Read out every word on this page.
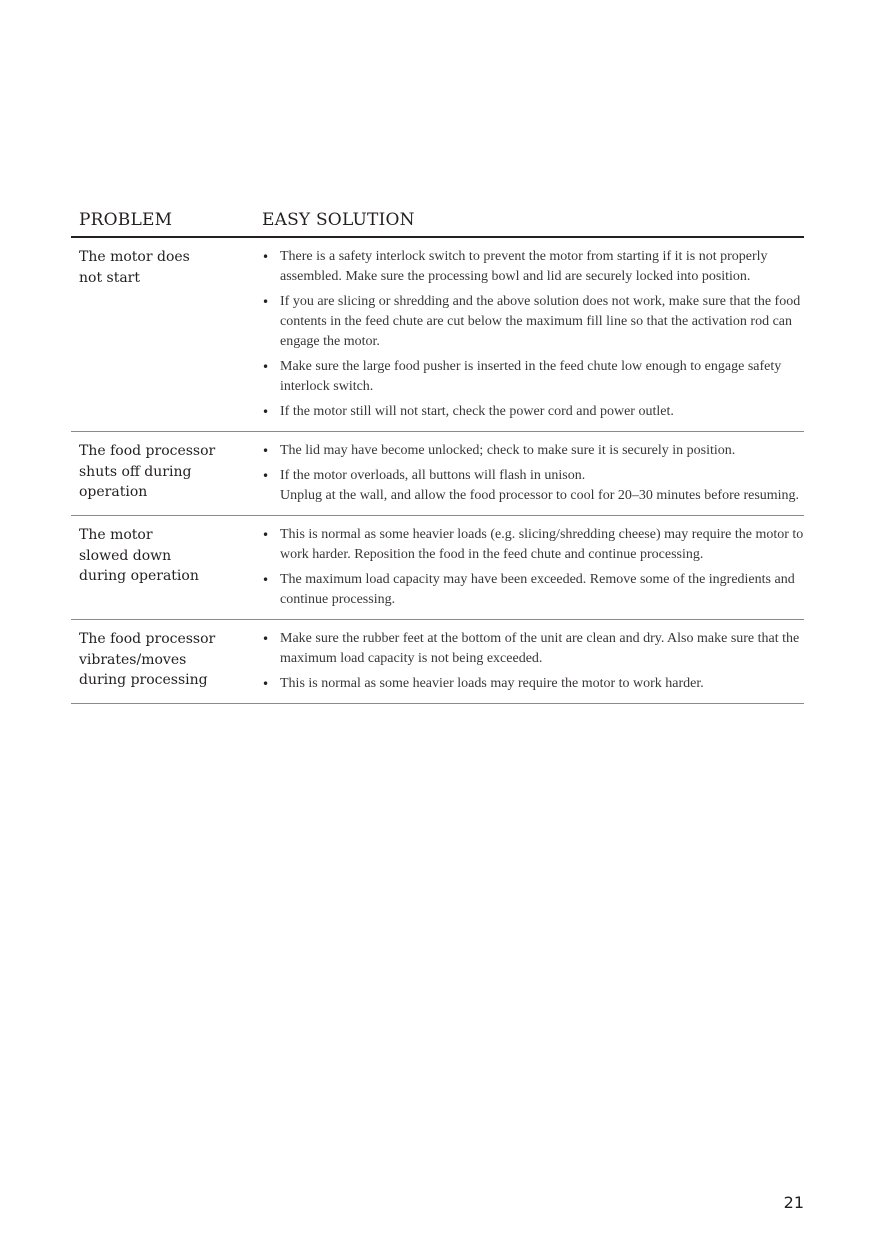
PROBLEM	EASY SOLUTION
The motor does
not start
• There is a safety interlock switch to prevent the motor from starting if it is not properly assembled. Make sure the processing bowl and lid are securely locked into position.
• If you are slicing or shredding and the above solution does not work, make sure that the food contents in the feed chute are cut below the maximum fill line so that the activation rod can engage the motor.
• Make sure the large food pusher is inserted in the feed chute low enough to engage safety interlock switch.
• If the motor still will not start, check the power cord and power outlet.
The food processor
shuts off during
operation
• The lid may have become unlocked; check to make sure it is securely in position.
• If the motor overloads, all buttons will flash in unison.
Unplug at the wall, and allow the food processor to cool for 20–30 minutes before resuming.
The motor
slowed down
during operation
• This is normal as some heavier loads (e.g. slicing/shredding cheese) may require the motor to work harder. Reposition the food in the feed chute and continue processing.
• The maximum load capacity may have been exceeded. Remove some of the ingredients and continue processing.
The food processor
vibrates/moves
during processing
• Make sure the rubber feet at the bottom of the unit are clean and dry. Also make sure that the maximum load capacity is not being exceeded.
• This is normal as some heavier loads may require the motor to work harder.
21
